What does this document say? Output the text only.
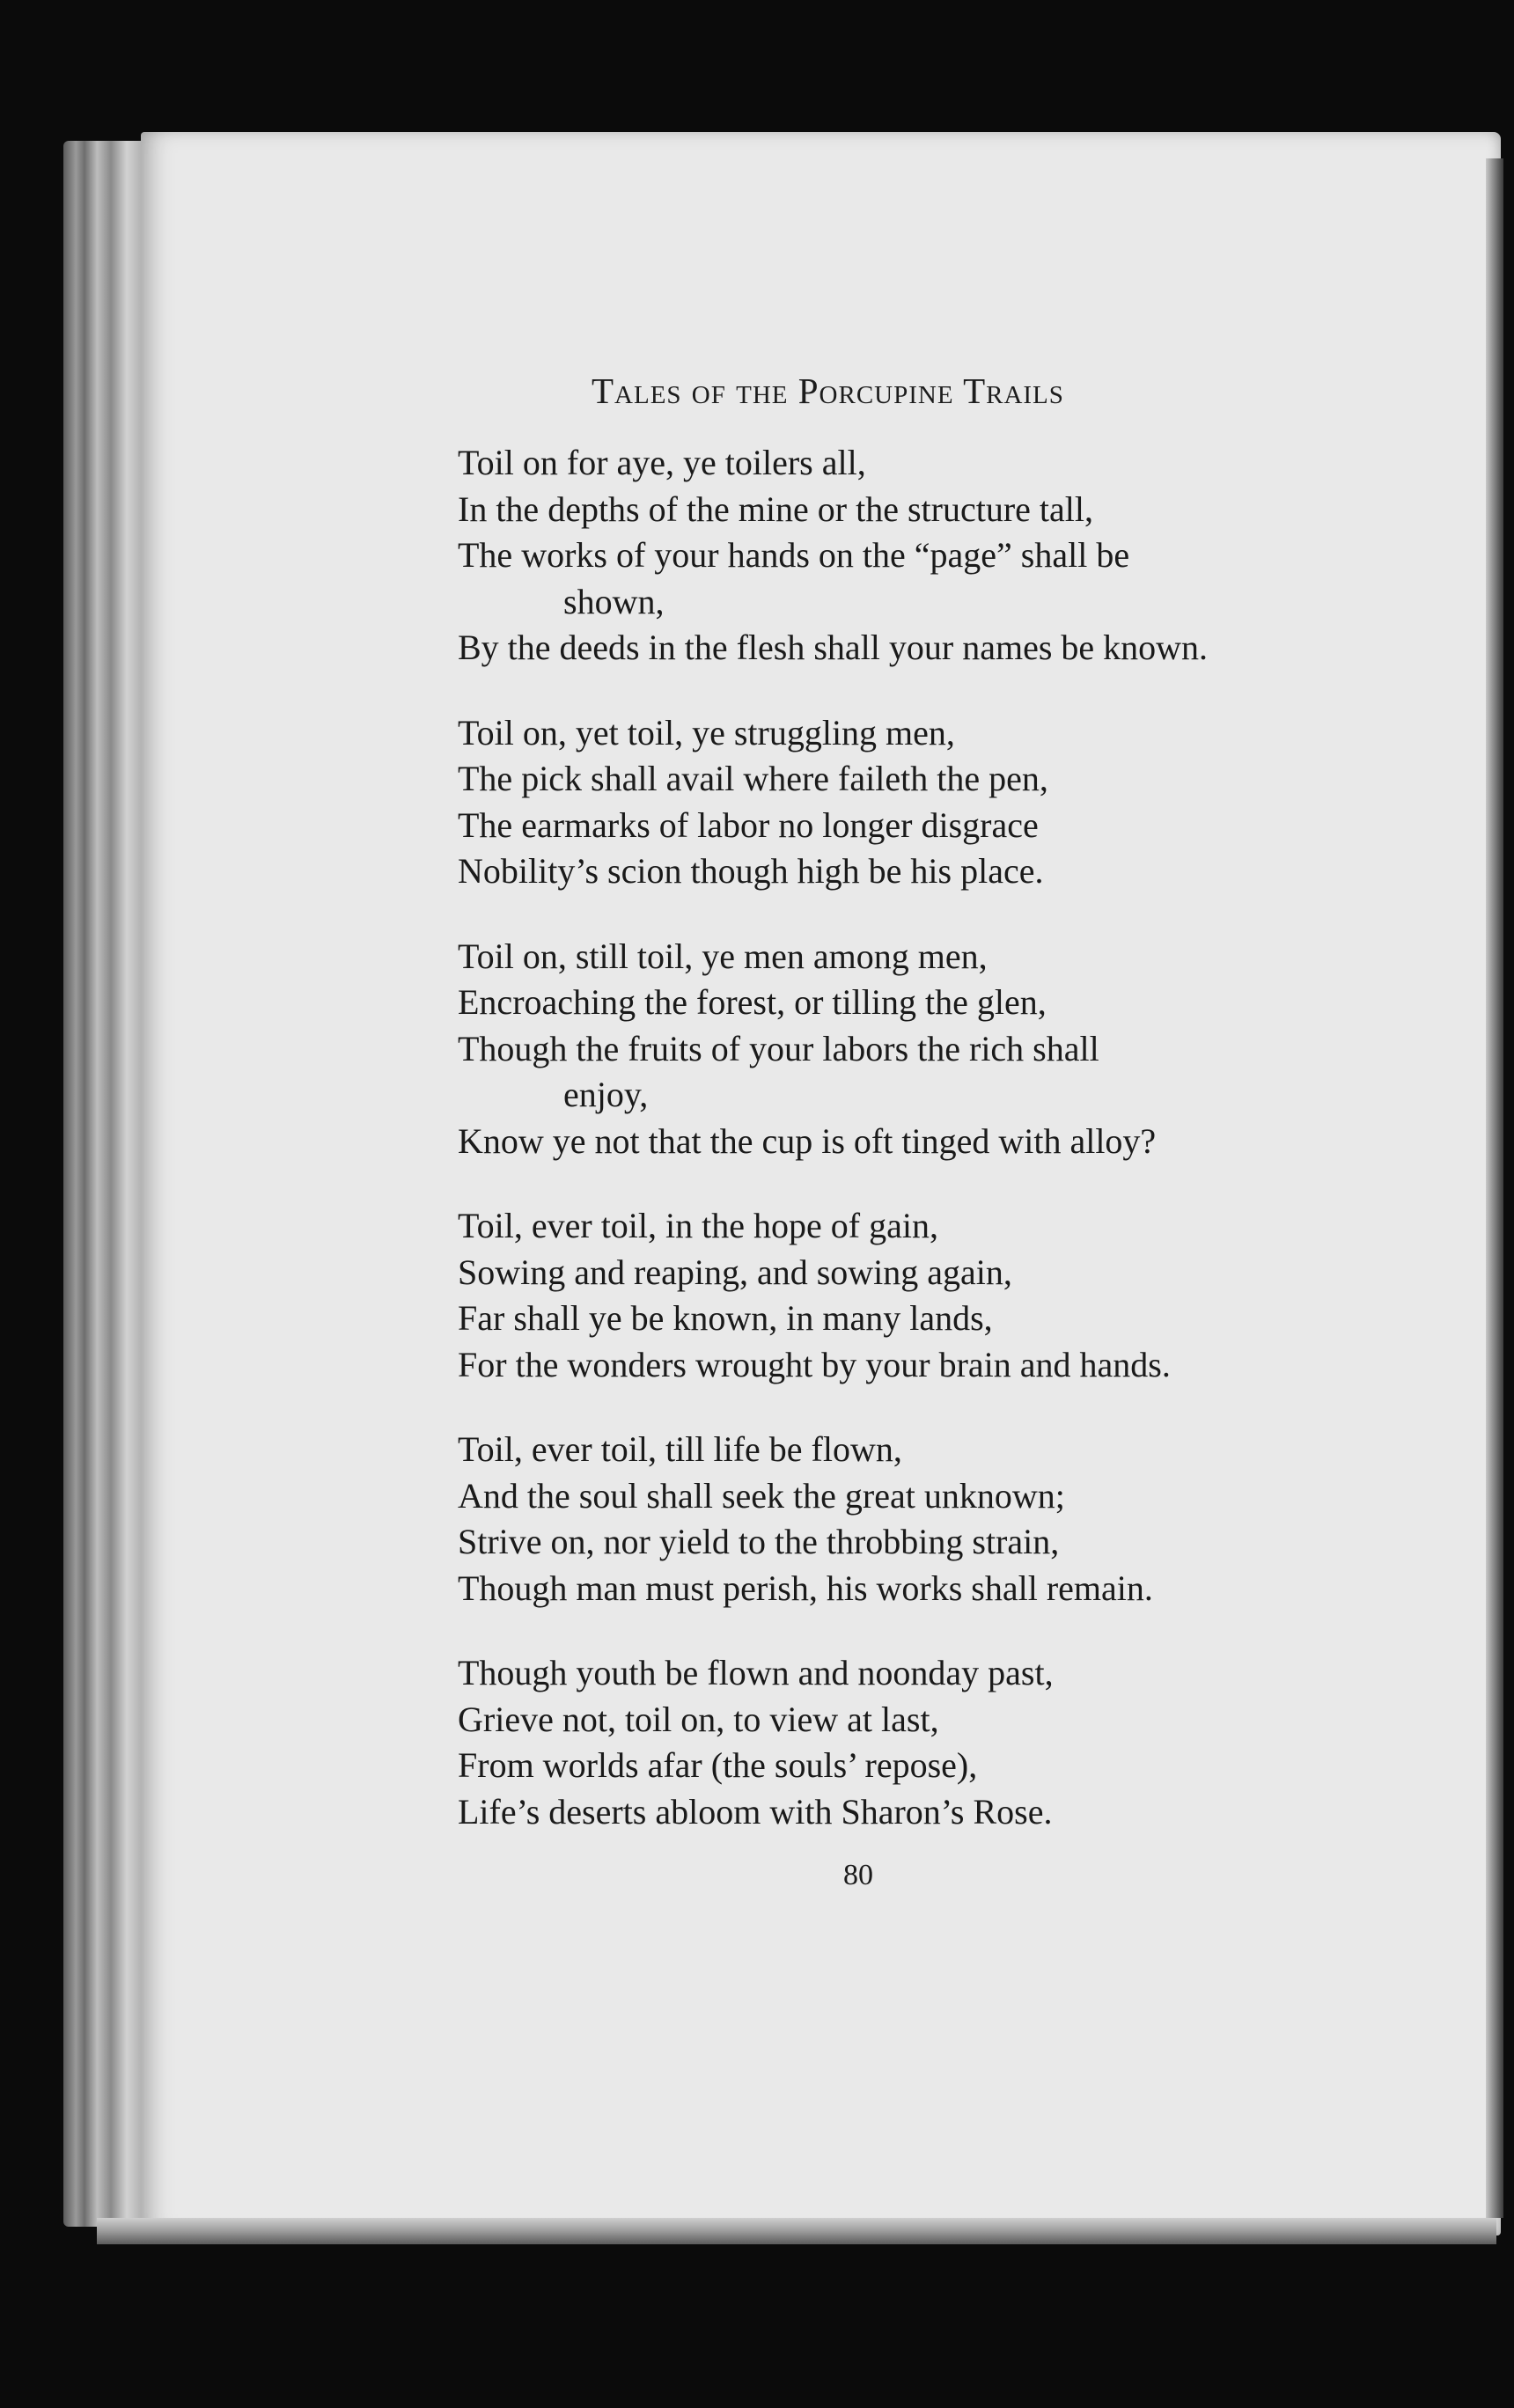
Tales of the Porcupine Trails
Toil on for aye, ye toilers all,
In the depths of the mine or the structure tall,
The works of your hands on the “page” shall be
shown,
By the deeds in the flesh shall your names be known.
Toil on, yet toil, ye struggling men,
The pick shall avail where faileth the pen,
The earmarks of labor no longer disgrace
Nobility’s scion though high be his place.
Toil on, still toil, ye men among men,
Encroaching the forest, or tilling the glen,
Though the fruits of your labors the rich shall
enjoy,
Know ye not that the cup is oft tinged with alloy?
Toil, ever toil, in the hope of gain,
Sowing and reaping, and sowing again,
Far shall ye be known, in many lands,
For the wonders wrought by your brain and hands.
Toil, ever toil, till life be flown,
And the soul shall seek the great unknown;
Strive on, nor yield to the throbbing strain,
Though man must perish, his works shall remain.
Though youth be flown and noonday past,
Grieve not, toil on, to view at last,
From worlds afar (the souls’ repose),
Life’s deserts abloom with Sharon’s Rose.
80
